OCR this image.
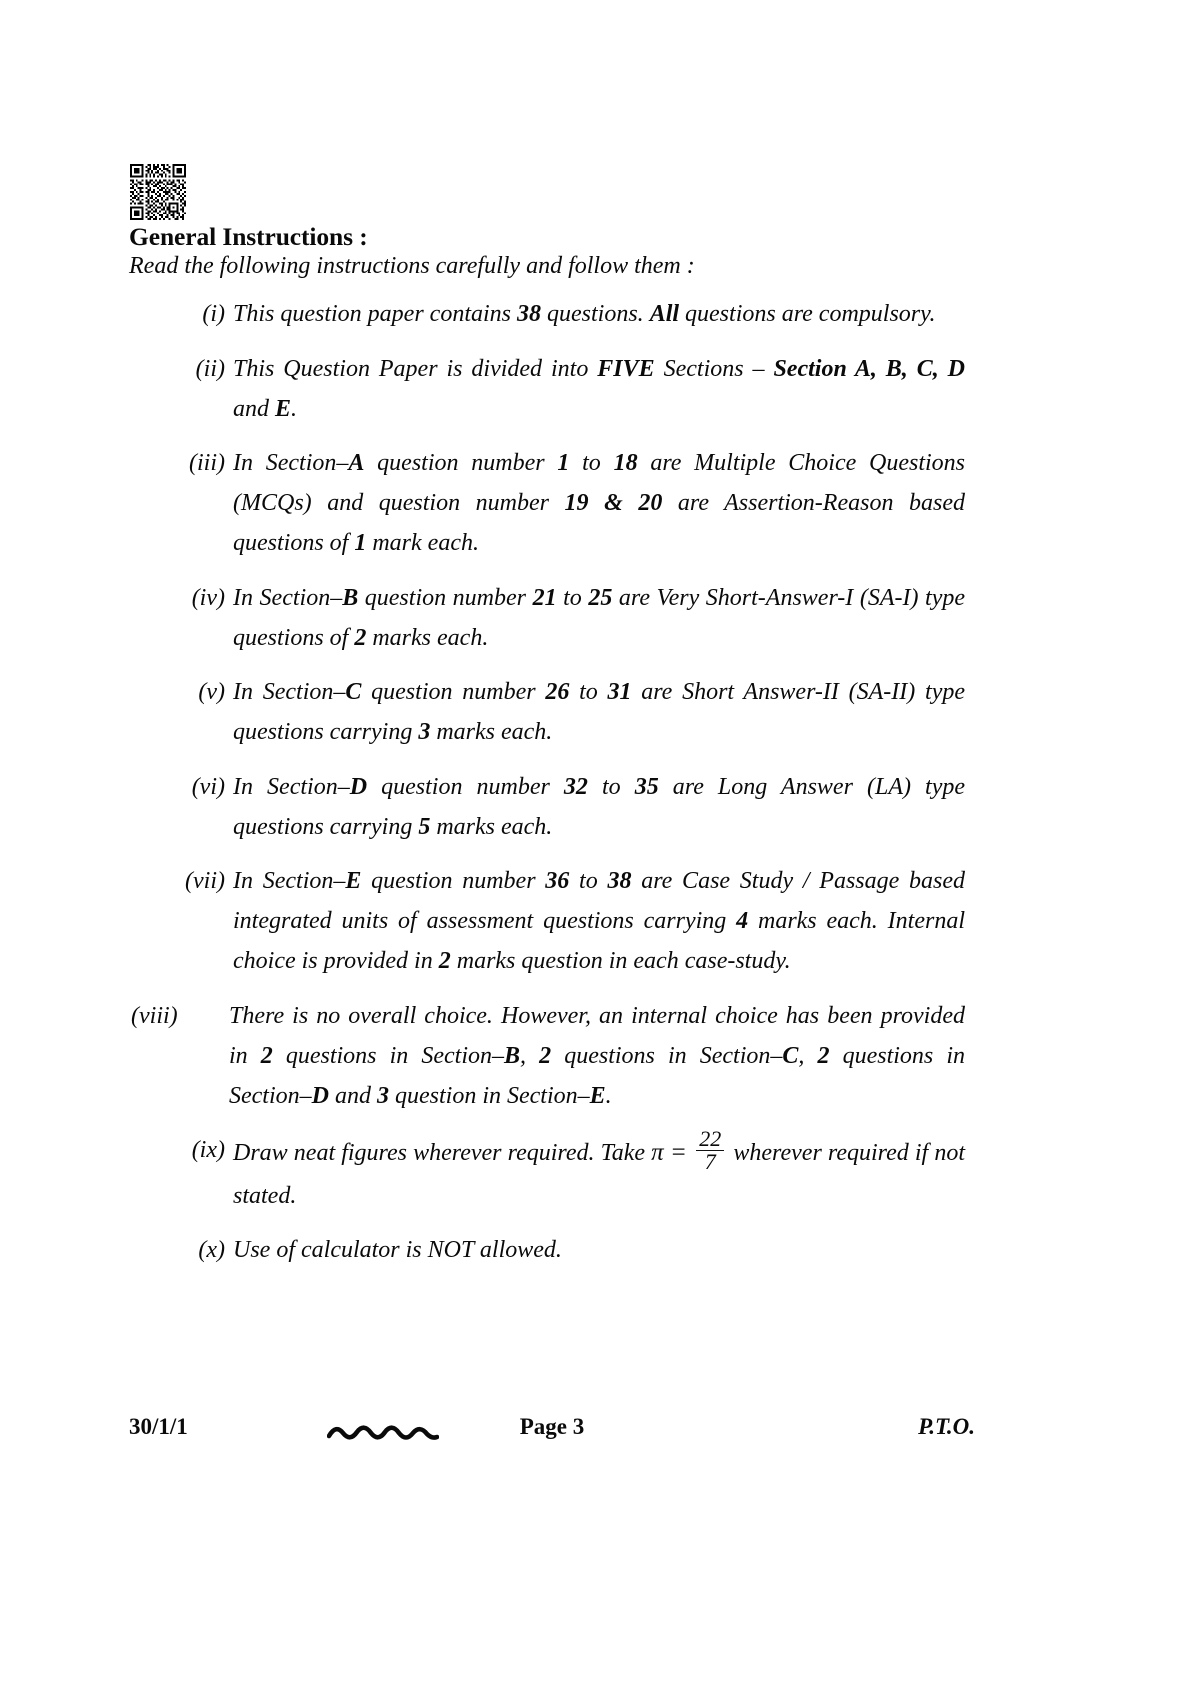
General Instructions :
Read the following instructions carefully and follow them :
(i) This question paper contains 38 questions. All questions are compulsory.
(ii) This Question Paper is divided into FIVE Sections – Section A, B, C, D and E.
(iii) In Section–A question number 1 to 18 are Multiple Choice Questions (MCQs) and question number 19 & 20 are Assertion-Reason based questions of 1 mark each.
(iv) In Section–B question number 21 to 25 are Very Short-Answer-I (SA-I) type questions of 2 marks each.
(v) In Section–C question number 26 to 31 are Short Answer-II (SA-II) type questions carrying 3 marks each.
(vi) In Section–D question number 32 to 35 are Long Answer (LA) type questions carrying 5 marks each.
(vii) In Section–E question number 36 to 38 are Case Study / Passage based integrated units of assessment questions carrying 4 marks each. Internal choice is provided in 2 marks question in each case-study.
(viii)	There is no overall choice. However, an internal choice has been provided in 2 questions in Section–B, 2 questions in Section–C, 2 questions in Section–D and 3 question in Section–E.
(ix) Draw neat figures wherever required. Take $\pi = \frac{22}{7}$ wherever required if not stated.
(x) Use of calculator is NOT allowed.
30/1/1	Page 3	P.T.O.
